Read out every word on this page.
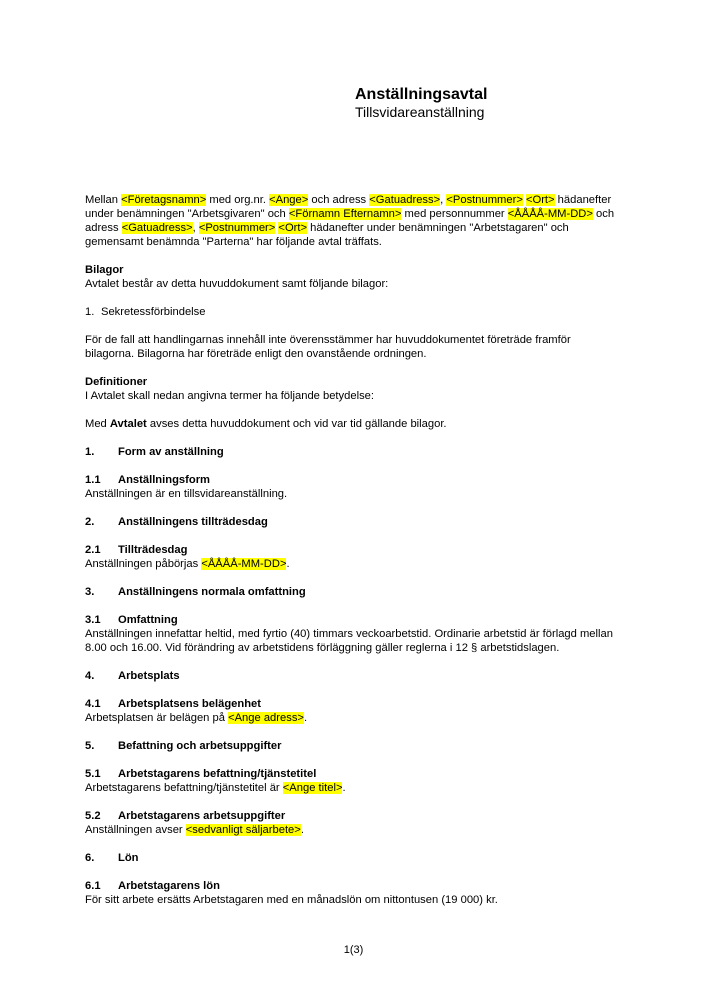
Anställningsavtal
Tillsvidareanställning

Mellan <Företagsnamn> med org.nr. <Ange> och adress <Gatuadress>, <Postnummer> <Ort> hädanefter under benämningen "Arbetsgivaren" och <Förnamn Efternamn> med personnummer <ÅÅÅÅ-MM-DD> och adress <Gatuadress>, <Postnummer> <Ort> hädanefter under benämningen "Arbetstagaren" och gemensamt benämnda "Parterna" har följande avtal träffats.

Bilagor

Avtalet består av detta huvuddokument samt följande bilagor:

1. Sekretessförbindelse

För de fall att handlingarnas innehåll inte överensstämmer har huvuddokumentet företräde framför bilagorna. Bilagorna har företräde enligt den ovanstående ordningen.

Definitioner

I Avtalet skall nedan angivna termer ha följande betydelse:

Med Avtalet avses detta huvuddokument och vid var tid gällande bilagor.

1.	Form av anställning
1.1	Anställningsform

Anställningen är en tillsvidareanställning.

2.	Anställningens tillträdesdag
2.1	Tillträdesdag

Anställningen påbörjas <ÅÅÅÅ-MM-DD>.

3.	Anställningens normala omfattning
3.1	Omfattning

Anställningen innefattar heltid, med fyrtio (40) timmars veckoarbetstid. Ordinarie arbetstid är förlagd mellan 8.00 och 16.00. Vid förändring av arbetstidens förläggning gäller reglerna i 12 § arbetstidslagen.

4.	Arbetsplats
4.1	Arbetsplatsens belägenhet

Arbetsplatsen är belägen på <Ange adress>.

5.	Befattning och arbetsuppgifter
5.1	Arbetstagarens befattning/tjänstetitel

Arbetstagarens befattning/tjänstetitel är <Ange titel>.

5.2	Arbetstagarens arbetsuppgifter

Anställningen avser <sedvanligt säljarbete>.

6.	Lön
6.1	Arbetstagarens lön

För sitt arbete ersätts Arbetstagaren med en månadslön om nittontusen (19 000) kr.

1(3)
